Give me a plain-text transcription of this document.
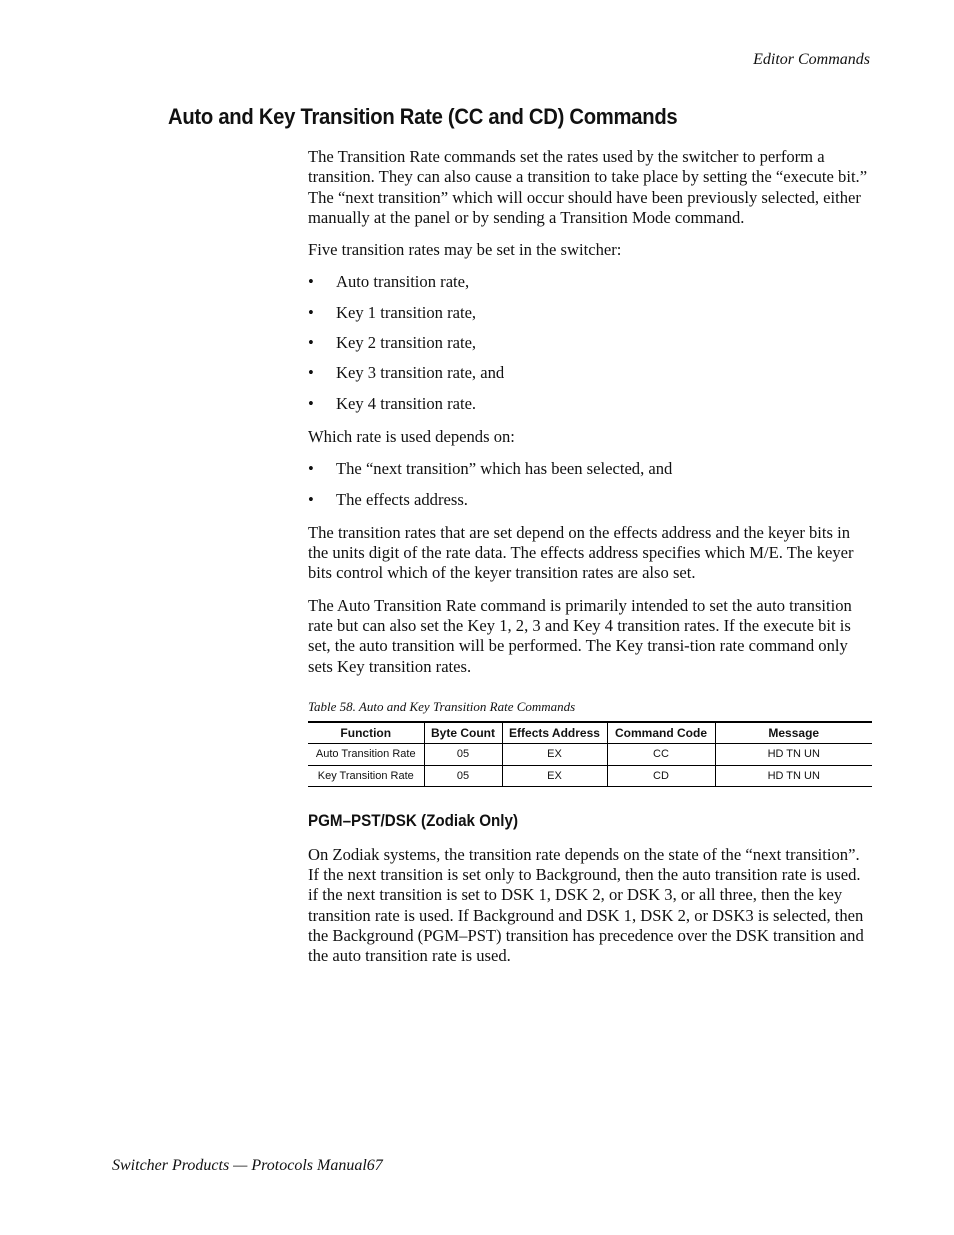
Editor Commands
Auto and Key Transition Rate (CC and CD) Commands

The Transition Rate commands set the rates used by the switcher to perform a transition. They can also cause a transition to take place by setting the “execute bit.” The “next transition” which will occur should have been previously selected, either manually at the panel or by sending a Transition Mode command.

Five transition rates may be set in the switcher:

• Auto transition rate,
• Key 1 transition rate,
• Key 2 transition rate,
• Key 3 transition rate, and
• Key 4 transition rate.

Which rate is used depends on:

• The “next transition” which has been selected, and
• The effects address.

The transition rates that are set depend on the effects address and the keyer bits in the units digit of the rate data. The effects address specifies which M/E. The keyer bits control which of the keyer transition rates are also set.

The Auto Transition Rate command is primarily intended to set the auto transition rate but can also set the Key 1, 2, 3 and Key 4 transition rates. If the execute bit is set, the auto transition will be performed. The Key transi-tion rate command only sets Key transition rates.

Table 58. Auto and Key Transition Rate Commands
Function	Byte Count	Effects Address	Command Code	Message
Auto Transition Rate	05	EX	CC	HD TN UN
Key Transition Rate	05	EX	CD	HD TN UN
PGM–PST/DSK (Zodiak Only)

On Zodiak systems, the transition rate depends on the state of the “next transition”. If the next transition is set only to Background, then the auto transition rate is used. if the next transition is set to DSK 1, DSK 2, or DSK 3, or all three, then the key transition rate is used. If Background and DSK 1, DSK 2, or DSK3 is selected, then the Background (PGM–PST) transition has precedence over the DSK transition and the auto transition rate is used.

Switcher Products — Protocols Manual67
